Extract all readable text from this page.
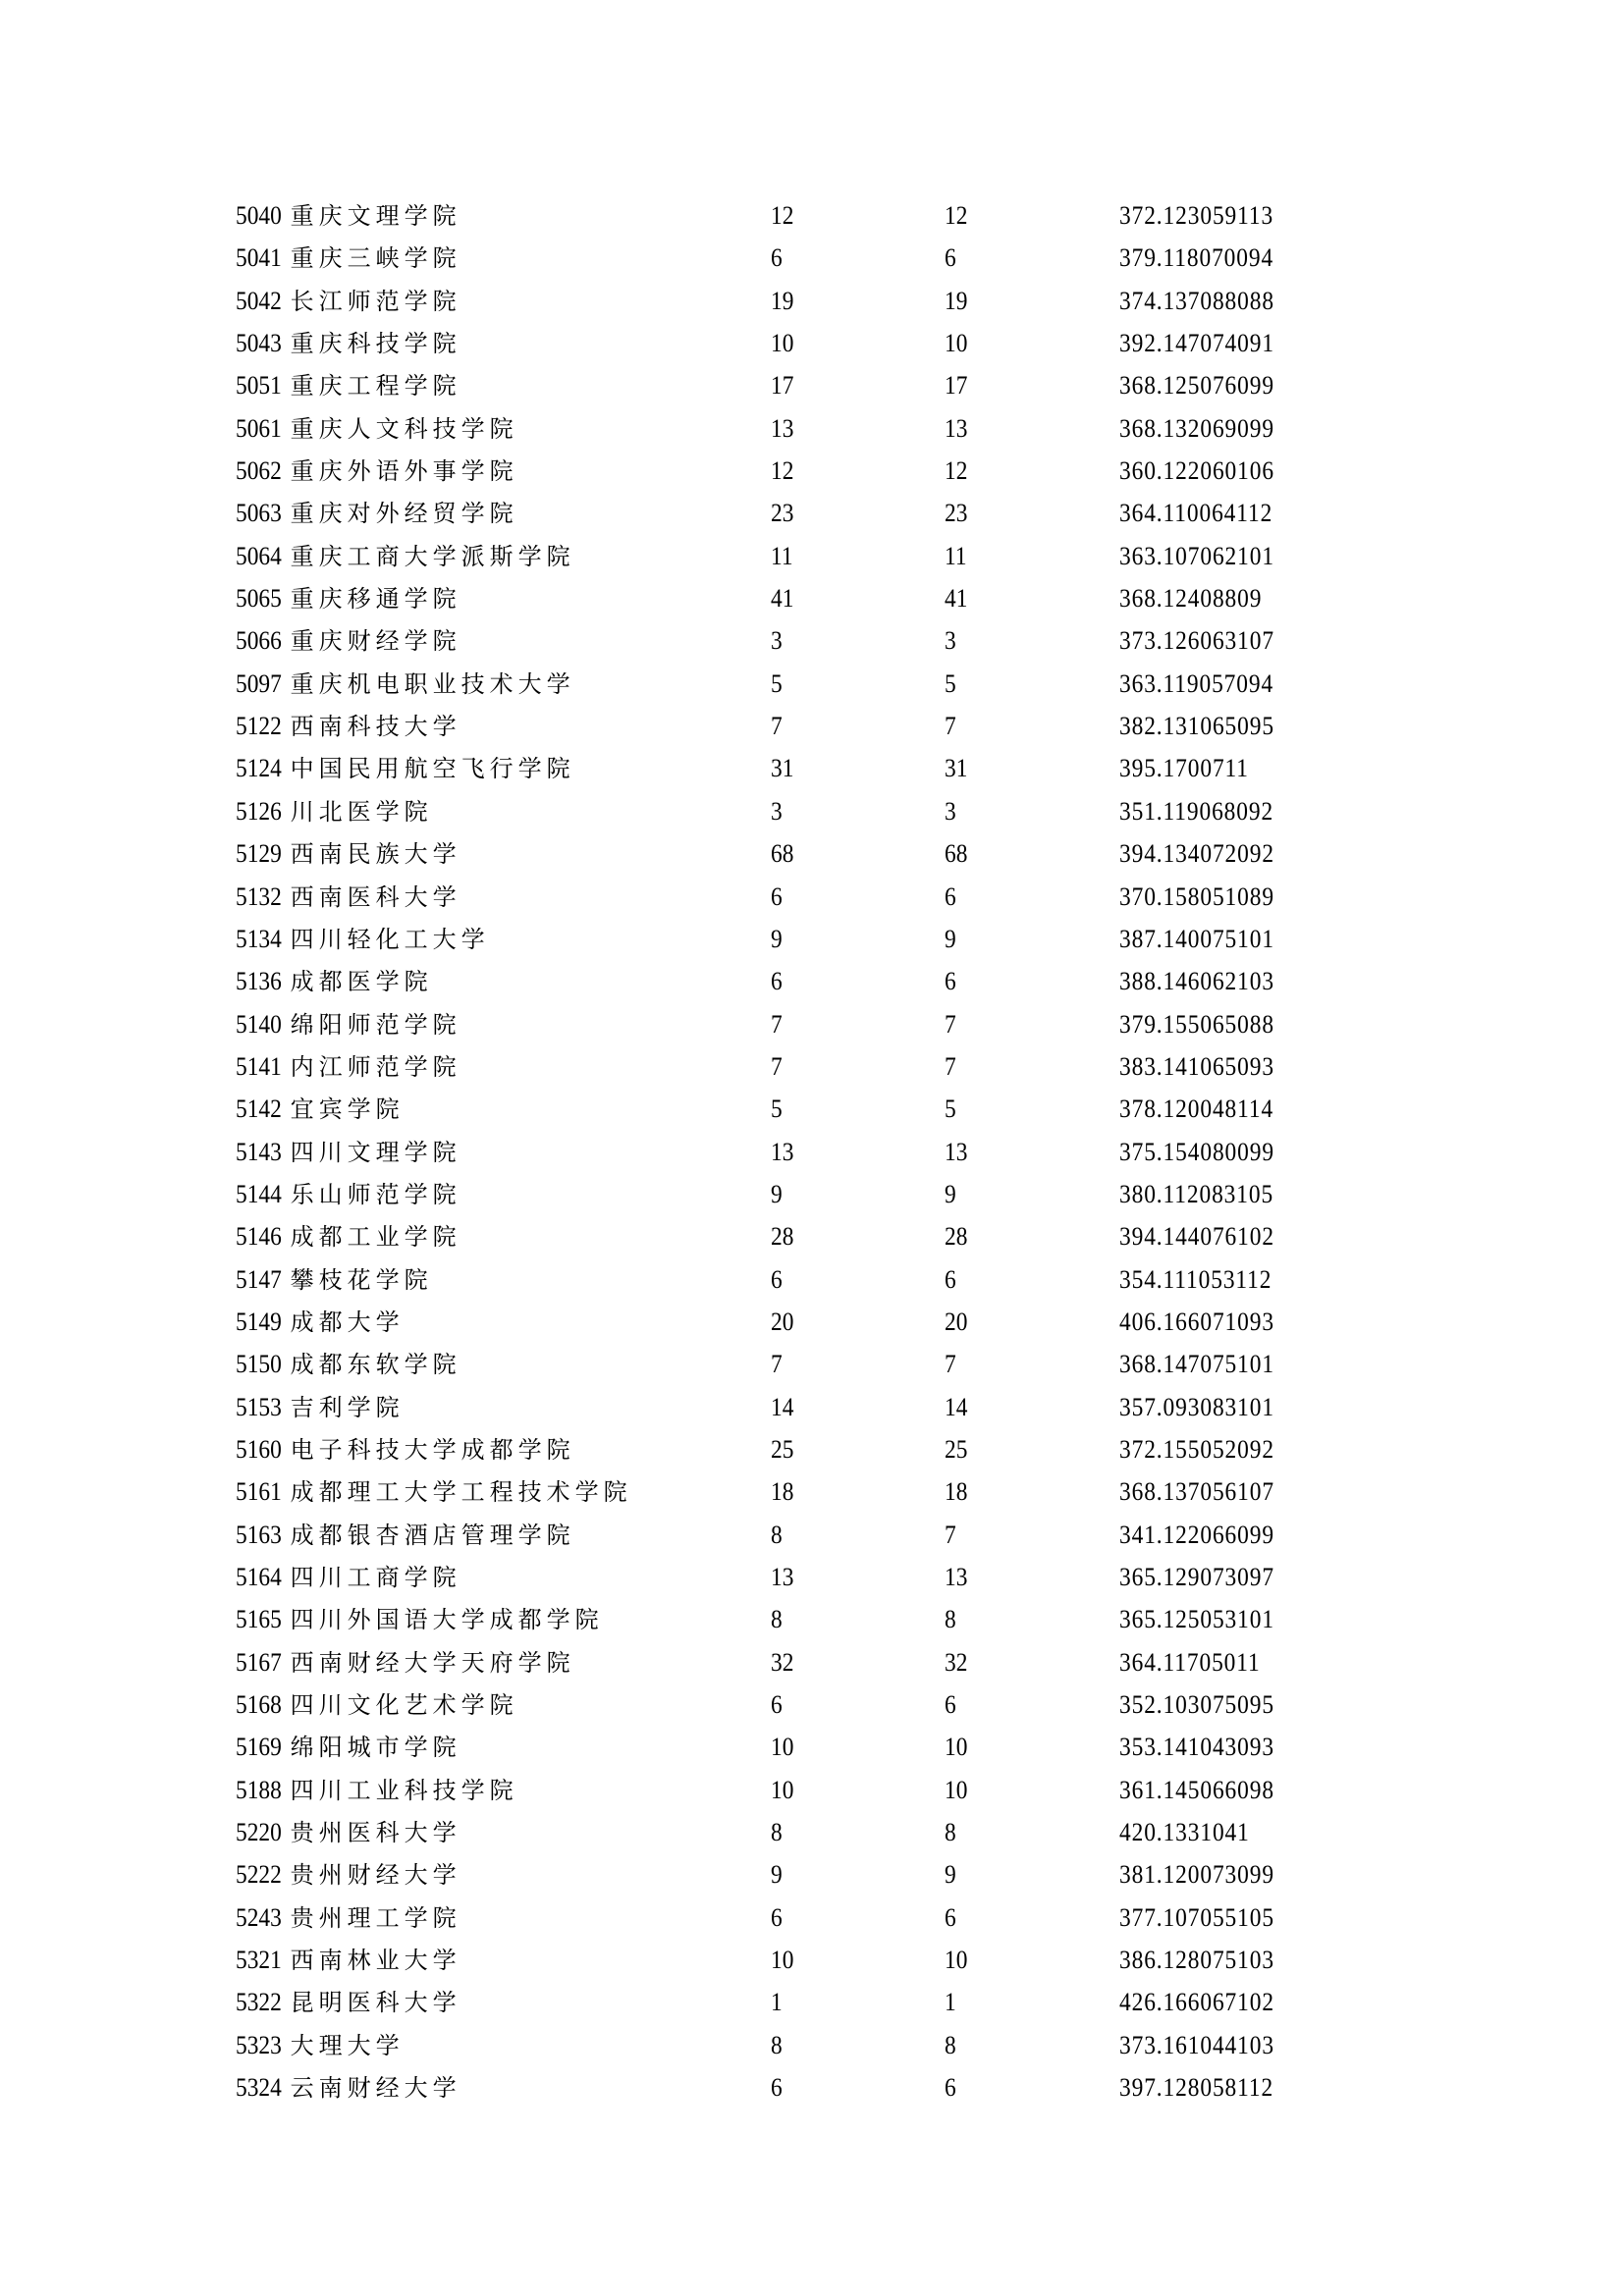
5040 重庆文理学院	12	12	372.123059113
5041 重庆三峡学院	6	6	379.118070094
5042 长江师范学院	19	19	374.137088088
5043 重庆科技学院	10	10	392.147074091
5051 重庆工程学院	17	17	368.125076099
5061 重庆人文科技学院	13	13	368.132069099
5062 重庆外语外事学院	12	12	360.122060106
5063 重庆对外经贸学院	23	23	364.110064112
5064 重庆工商大学派斯学院	11	11	363.107062101
5065 重庆移通学院	41	41	368.12408809
5066 重庆财经学院	3	3	373.126063107
5097 重庆机电职业技术大学	5	5	363.119057094
5122 西南科技大学	7	7	382.131065095
5124 中国民用航空飞行学院	31	31	395.1700711
5126 川北医学院	3	3	351.119068092
5129 西南民族大学	68	68	394.134072092
5132 西南医科大学	6	6	370.158051089
5134 四川轻化工大学	9	9	387.140075101
5136 成都医学院	6	6	388.146062103
5140 绵阳师范学院	7	7	379.155065088
5141 内江师范学院	7	7	383.141065093
5142 宜宾学院	5	5	378.120048114
5143 四川文理学院	13	13	375.154080099
5144 乐山师范学院	9	9	380.112083105
5146 成都工业学院	28	28	394.144076102
5147 攀枝花学院	6	6	354.111053112
5149 成都大学	20	20	406.166071093
5150 成都东软学院	7	7	368.147075101
5153 吉利学院	14	14	357.093083101
5160 电子科技大学成都学院	25	25	372.155052092
5161 成都理工大学工程技术学院	18	18	368.137056107
5163 成都银杏酒店管理学院	8	7	341.122066099
5164 四川工商学院	13	13	365.129073097
5165 四川外国语大学成都学院	8	8	365.125053101
5167 西南财经大学天府学院	32	32	364.11705011
5168 四川文化艺术学院	6	6	352.103075095
5169 绵阳城市学院	10	10	353.141043093
5188 四川工业科技学院	10	10	361.145066098
5220 贵州医科大学	8	8	420.1331041
5222 贵州财经大学	9	9	381.120073099
5243 贵州理工学院	6	6	377.107055105
5321 西南林业大学	10	10	386.128075103
5322 昆明医科大学	1	1	426.166067102
5323 大理大学	8	8	373.161044103
5324 云南财经大学	6	6	397.128058112
